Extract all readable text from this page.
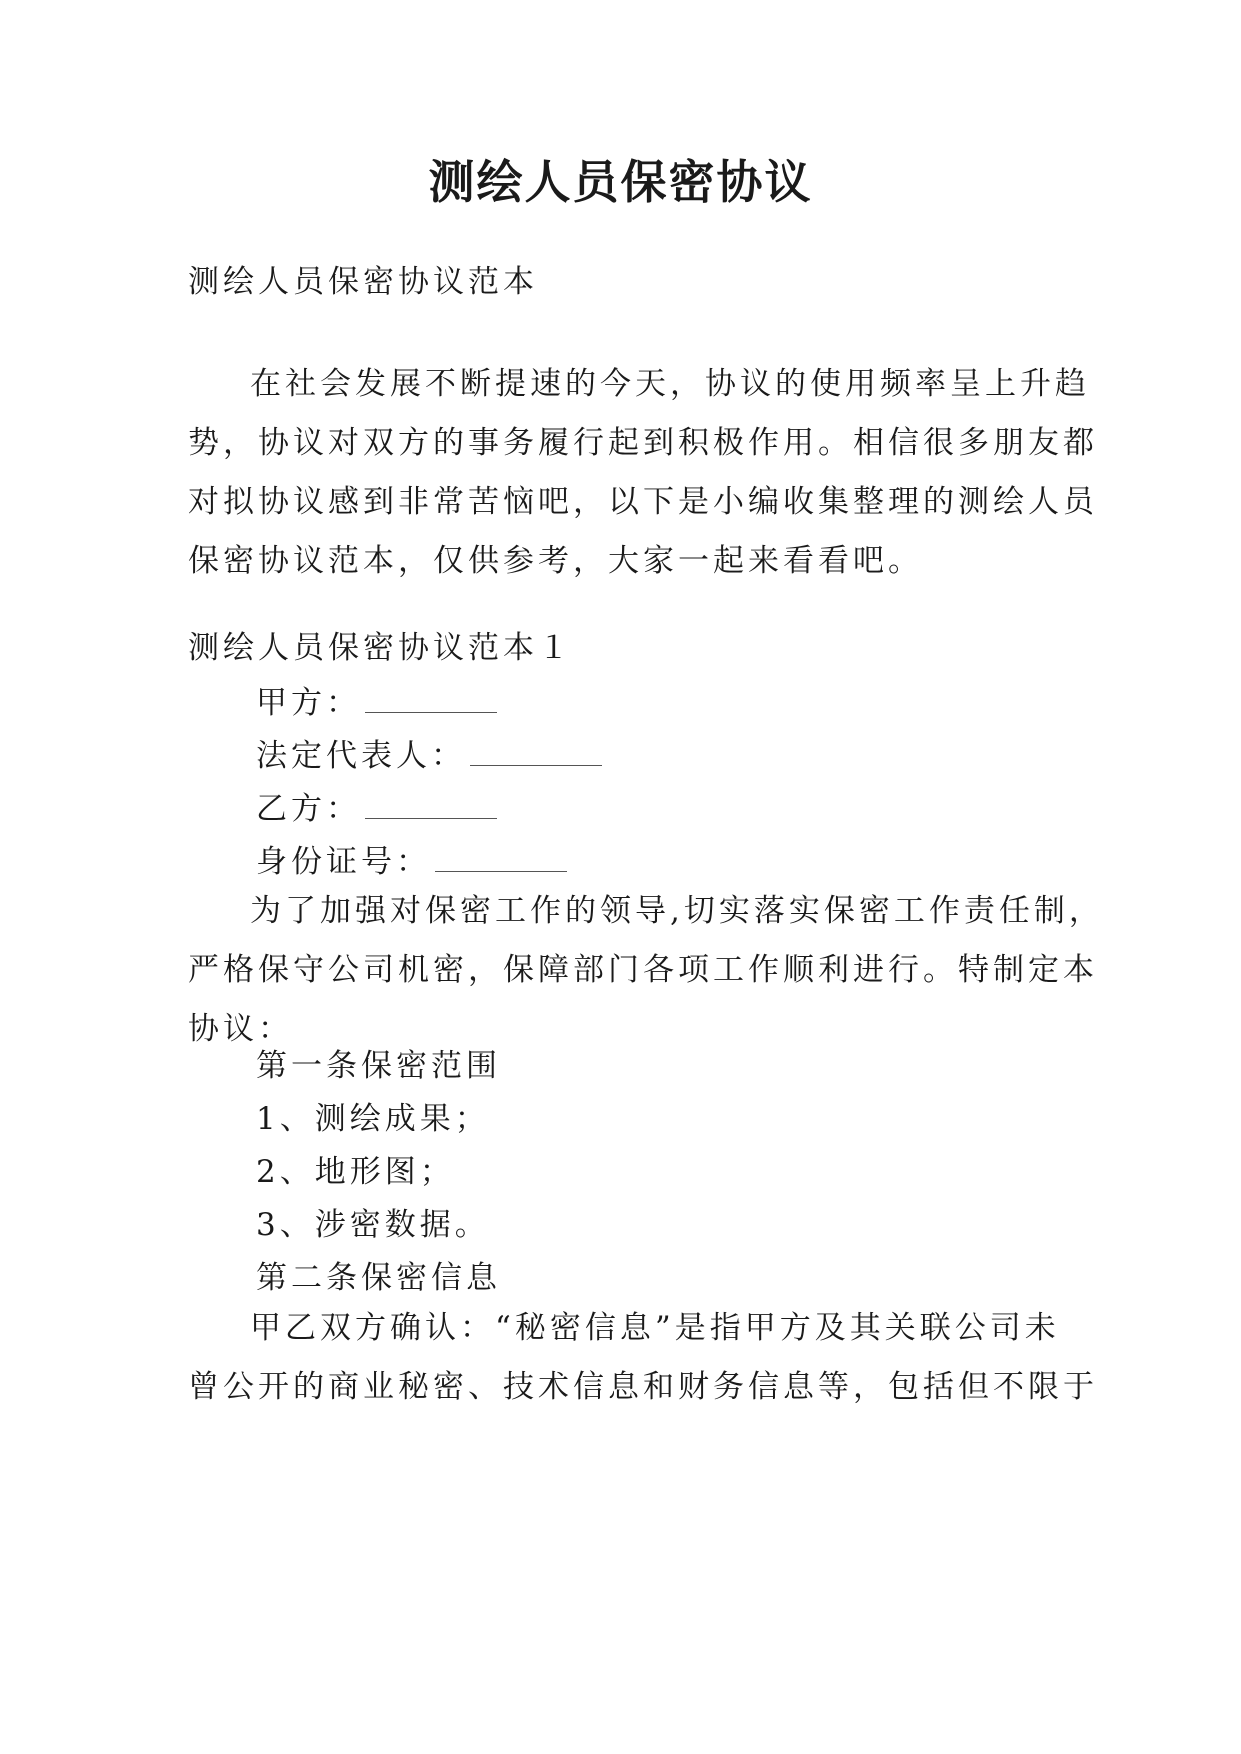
测绘人员保密协议
测绘人员保密协议范本
在社会发展不断提速的今天，协议的使用频率呈上升趋
势，协议对双方的事务履行起到积极作用。相信很多朋友都
对拟协议感到非常苦恼吧，以下是小编收集整理的测绘人员
保密协议范本，仅供参考，大家一起来看看吧。
测绘人员保密协议范本１
甲方：
法定代表人：
乙方：
身份证号：
为了加强对保密工作的领导,切实落实保密工作责任制，
严格保守公司机密，保障部门各项工作顺利进行。特制定本
协议：
第一条保密范围
1、测绘成果；
2、地形图；
3、涉密数据。
第二条保密信息
甲乙双方确认：“秘密信息”是指甲方及其关联公司未
曾公开的商业秘密、技术信息和财务信息等，包括但不限于
